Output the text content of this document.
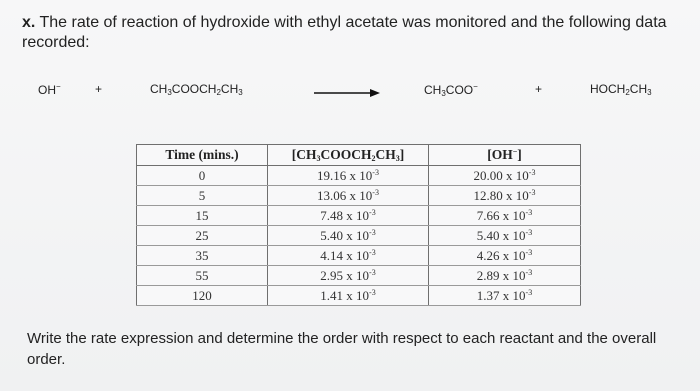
x. The rate of reaction of hydroxide with ethyl acetate was monitored and the following data recorded:
OH−	+	$CH_3COOCH_2CH_3$	$CH_3COO^-$	+	$HOCH_2CH_3$
Time (mins.)	$[CH_3COOCH_2CH_3]$	[OH−]
0	19.16 x $10^{-3}$	20.00 x $10^{-3}$
5	13.06 x $10^{-3}$	12.80 x $10^{-3}$
15	7.48 x $10^{-3}$	7.66 x $10^{-3}$
25	5.40 x $10^{-3}$	5.40 x $10^{-3}$
35	4.14 x $10^{-3}$	4.26 x $10^{-3}$
55	2.95 x $10^{-3}$	2.89 x $10^{-3}$
120	1.41 x $10^{-3}$	1.37 x $10^{-3}$
Write the rate expression and determine the order with respect to each reactant and the overall order.
